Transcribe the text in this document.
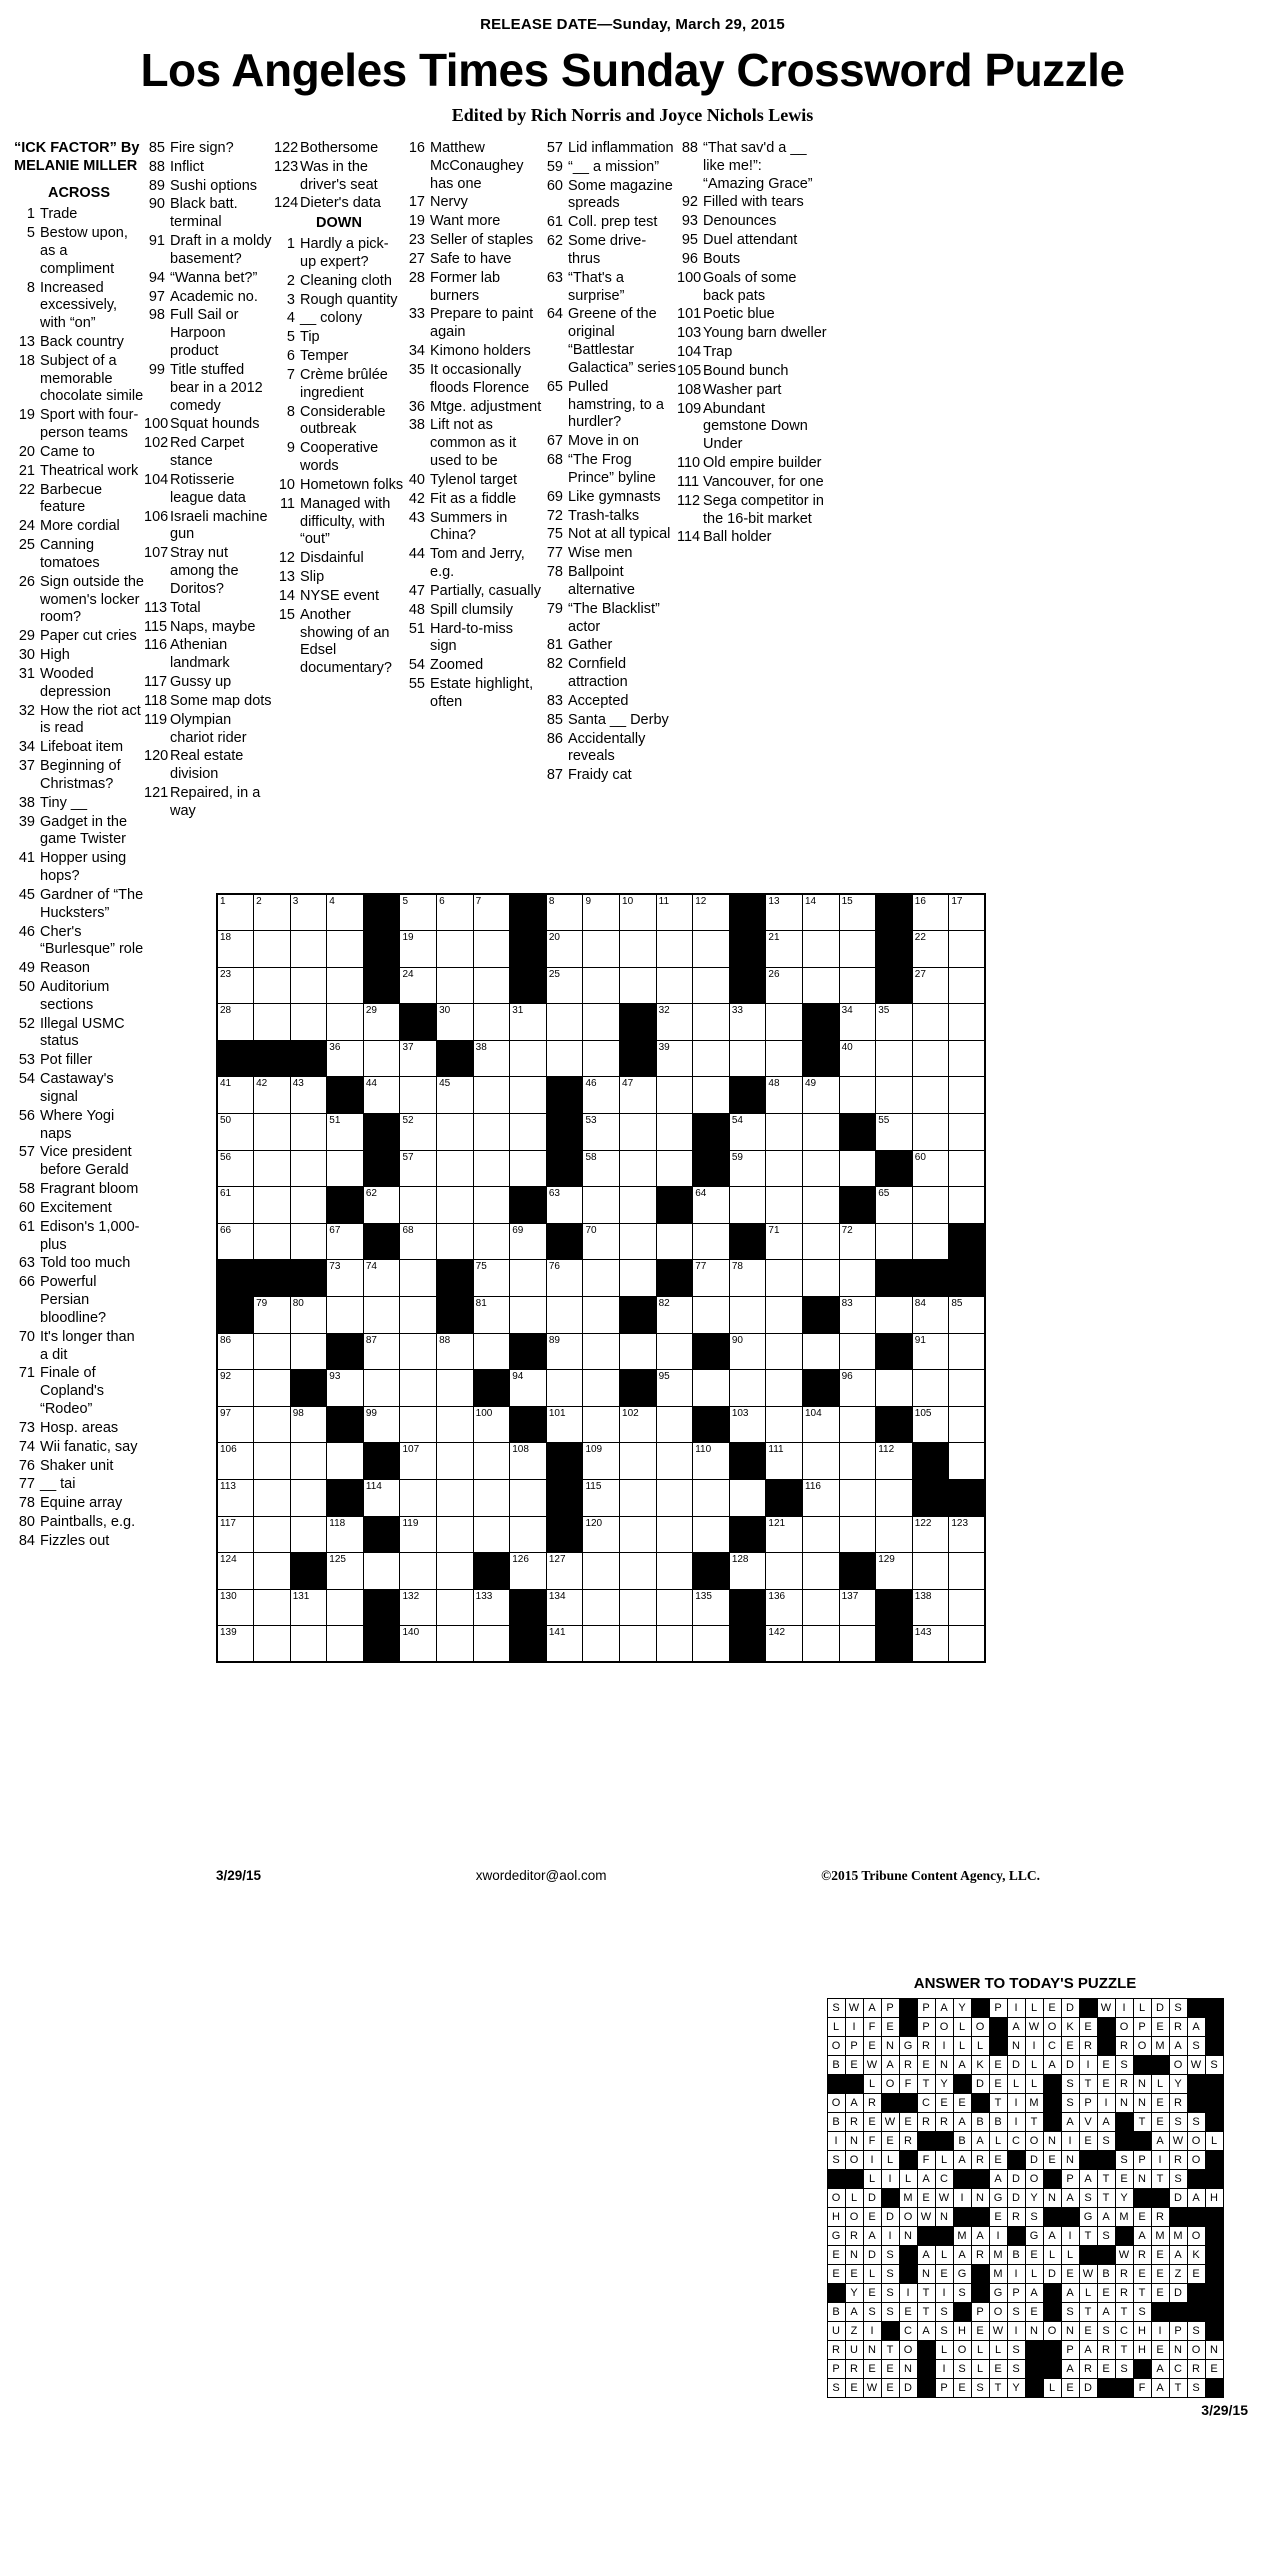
RELEASE DATE—Sunday, March 29, 2015
Los Angeles Times Sunday Crossword Puzzle
Edited by Rich Norris and Joyce Nichols Lewis
“ICK FACTOR” By MELANIE MILLER
ACROSS
1 Trade
5 Bestow upon, as a compliment
8 Increased excessively, with “on”
13 Back country
18 Subject of a memorable chocolate simile
19 Sport with four-person teams
20 Came to
21 Theatrical work
22 Barbecue feature
24 More cordial
25 Canning tomatoes
26 Sign outside the women's locker room?
29 Paper cut cries
30 High
31 Wooded depression
32 How the riot act is read
34 Lifeboat item
37 Beginning of Christmas?
38 Tiny __
39 Gadget in the game Twister
41 Hopper using hops?
45 Gardner of “The Hucksters”
46 Cher's “Burlesque” role
49 Reason
50 Auditorium sections
52 Illegal USMC status
53 Pot filler
54 Castaway's signal
56 Where Yogi naps
57 Vice president before Gerald
58 Fragrant bloom
60 Excitement
61 Edison's 1,000-plus
63 Told too much
66 Powerful Persian bloodline?
70 It's longer than a dit
71 Finale of Copland's “Rodeo”
73 Hosp. areas
74 Wii fanatic, say
76 Shaker unit
77 __ tai
78 Equine array
80 Paintballs, e.g.
84 Fizzles out
85 Fire sign?
88 Inflict
89 Sushi options
90 Black batt. terminal
91 Draft in a moldy basement?
94 “Wanna bet?”
97 Academic no.
98 Full Sail or Harpoon product
99 Title stuffed bear in a 2012 comedy
100 Squat hounds
102 Red Carpet stance
104 Rotisserie league data
106 Israeli machine gun
107 Stray nut among the Doritos?
113 Total
115 Naps, maybe
116 Athenian landmark
117 Gussy up
118 Some map dots
119 Olympian chariot rider
120 Real estate division
121 Repaired, in a way
122 Bothersome
123 Was in the driver's seat
124 Dieter's data
DOWN
1 Hardly a pick-up expert?
2 Cleaning cloth
3 Rough quantity
4 __ colony
5 Tip
6 Temper
7 Crème brûlée ingredient
8 Considerable outbreak
9 Cooperative words
10 Hometown folks
11 Managed with difficulty, with “out”
12 Disdainful
13 Slip
14 NYSE event
15 Another showing of an Edsel documentary?
16 Matthew McConaughey has one
17 Nervy
19 Want more
23 Seller of staples
27 Safe to have
28 Former lab burners
33 Prepare to paint again
34 Kimono holders
35 It occasionally floods Florence
36 Mtge. adjustment
38 Lift not as common as it used to be
40 Tylenol target
42 Fit as a fiddle
43 Summers in China?
44 Tom and Jerry, e.g.
47 Partially, casually
48 Spill clumsily
51 Hard-to-miss sign
54 Zoomed
55 Estate highlight, often
57 Lid inflammation
59 “__ a mission”
60 Some magazine spreads
61 Coll. prep test
62 Some drive-thrus
63 “That's a surprise”
64 Greene of the original “Battlestar Galactica” series
65 Pulled hamstring, to a hurdler?
67 Move in on
68 “The Frog Prince” byline
69 Like gymnasts
72 Trash-talks
75 Not at all typical
77 Wise men
78 Ballpoint alternative
79 “The Blacklist” actor
81 Gather
82 Cornfield attraction
83 Accepted
85 Santa __ Derby
86 Accidentally reveals
87 Fraidy cat
88 “That sav'd a __ like me!”: “Amazing Grace”
92 Filled with tears
93 Denounces
95 Duel attendant
96 Bouts
100 Goals of some back pats
101 Poetic blue
103 Young barn dweller
104 Trap
105 Bound bunch
108 Washer part
109 Abundant gemstone Down Under
110 Old empire builder
111 Vancouver, for one
112 Sega competitor in the 16-bit market
114 Ball holder
1	2	3	4		5	6	7		8	9	10	11	12		13	14	15		16	17

18					19				20						21				22	

23					24				25						26				27	

28				29		30		31				32		33			34	35		

			36		37		38					39					40			

41	42	43		44		45				46	47				48	49				

50			51		52					53				54				55		

56					57					58				59					60	

61				62					63				64					65		

66			67		68			69		70					71		72			

			73	74			75		76				77	78						

	79	80					81					82					83		84	85

86				87		88			89					90					91	

92			93					94				95					96			

97		98		99			100		101		102			103		104			105	

106					107			108		109			110		111			112		

113				114						115						116				

117			118		119					120					121				122	123

124			125					126	127					128				129		

130		131			132		133		134				135		136		137		138	

139					140				141						142				143	

3/29/15	xwordeditor@aol.com	©2015 Tribune Content Agency, LLC.
ANSWER TO TODAY'S PUZZLE
S	W	A	P		P	A	Y		P	I	L	E	D		W	I	L	D	S		
L	I	F	E		P	O	L	O		A	W	O	K	E		O	P	E	R	A	
O	P	E	N	G	R	I	L	L		N	I	C	E	R		R	O	M	A	S	
B	E	W	A	R	E	N	A	K	E	D	L	A	D	I	E	S			O	W	S
		L	O	F	T	Y		D	E	L	L		S	T	E	R	N	L	Y		
O	A	R			C	E	E		T	I	M		S	P	I	N	N	E	R		
B	R	E	W	E	R	R	A	B	B	I	T		A	V	A		T	E	S	S	
I	N	F	E	R			B	A	L	C	O	N	I	E	S			A	W	O	L
S	O	I	L		F	L	A	R	E		D	E	N			S	P	I	R	O	
		L	I	L	A	C			A	D	O		P	A	T	E	N	T	S		
O	L	D		M	E	W	I	N	G	D	Y	N	A	S	T	Y			D	A	H
H	O	E	D	O	W	N			E	R	S			G	A	M	E	R			
G	R	A	I	N			M	A	I		G	A	I	T	S		A	M	M	O	
E	N	D	S		A	L	A	R	M	B	E	L	L			W	R	E	A	K	
E	E	L	S		N	E	G		M	I	L	D	E	W	B	R	E	E	Z	E	
	Y	E	S	I	T	I	S		G	P	A		A	L	E	R	T	E	D		
B	A	S	S	E	T	S		P	O	S	E		S	T	A	T	S				
U	Z	I		C	A	S	H	E	W	I	N	O	N	E	S	C	H	I	P	S	
R	U	N	T	O		L	O	L	L	S			P	A	R	T	H	E	N	O	N
P	R	E	E	N		I	S	L	E	S			A	R	E	S		A	C	R	E
S	E	W	E	D		P	E	S	T	Y		L	E	D			F	A	T	S	
3/29/15
